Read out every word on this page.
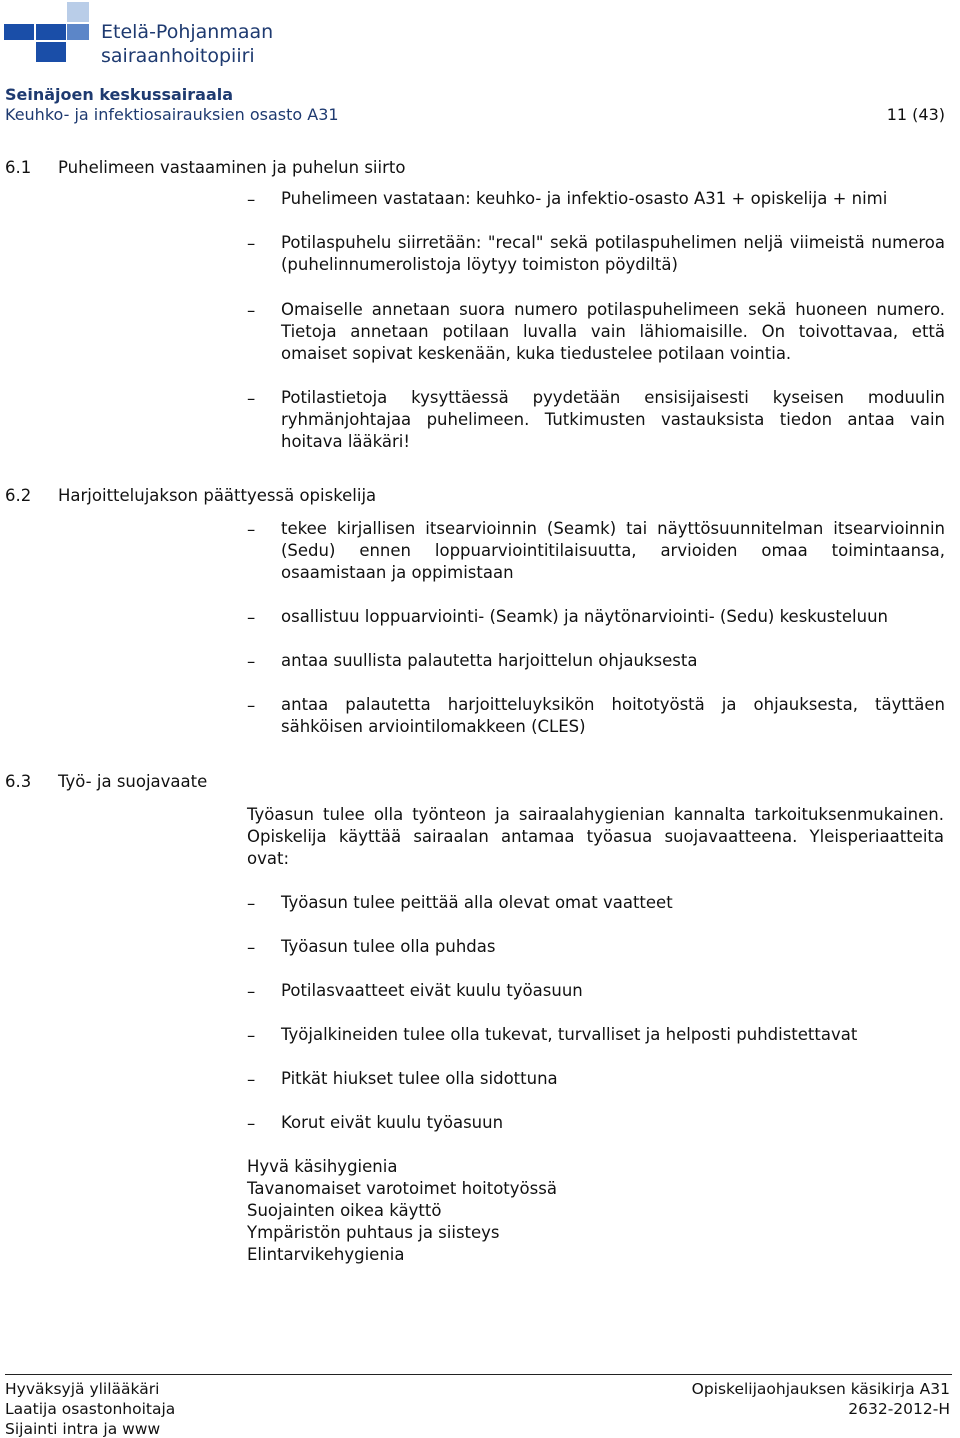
Etelä-Pohjanmaan
sairaanhoitopiiri
Seinäjoen keskussairaala
Keuhko- ja infektiosairauksien osasto A31	11 (43)
6.1 Puhelimeen vastaaminen ja puhelun siirto
– Puhelimeen vastataan: keuhko- ja infektio-osasto A31 + opiskelija + nimi
– Potilaspuhelu siirretään: "recal" sekä potilaspuhelimen neljä viimeistä numeroa (puhelinnumerolistoja löytyy toimiston pöydiltä)
– Omaiselle annetaan suora numero potilaspuhelimeen sekä huoneen numero. Tietoja annetaan potilaan luvalla vain lähiomaisille. On toivottavaa, että omaiset sopivat keskenään, kuka tiedustelee potilaan vointia.
– Potilastietoja kysyttäessä pyydetään ensisijaisesti kyseisen moduulin ryhmänjohtajaa puhelimeen. Tutkimusten vastauksista tiedon antaa vain hoitava lääkäri!
6.2 Harjoittelujakson päättyessä opiskelija
– tekee kirjallisen itsearvioinnin (Seamk) tai näyttösuunnitelman itsearvioinnin (Sedu) ennen loppuarviointitilaisuutta, arvioiden omaa toimintaansa, osaamistaan ja oppimistaan
– osallistuu loppuarviointi- (Seamk) ja näytönarviointi- (Sedu) keskusteluun
– antaa suullista palautetta harjoittelun ohjauksesta
– antaa palautetta harjoitteluyksikön hoitotyöstä ja ohjauksesta, täyttäen sähköisen arviointilomakkeen (CLES)
6.3 Työ- ja suojavaate
Työasun tulee olla työnteon ja sairaalahygienian kannalta tarkoituksenmukainen. Opiskelija käyttää sairaalan antamaa työasua suojavaatteena. Yleisperiaatteita ovat:
– Työasun tulee peittää alla olevat omat vaatteet
– Työasun tulee olla puhdas
– Potilasvaatteet eivät kuulu työasuun
– Työjalkineiden tulee olla tukevat, turvalliset ja helposti puhdistettavat
– Pitkät hiukset tulee olla sidottuna
– Korut eivät kuulu työasuun
Hyvä käsihygienia
Tavanomaiset varotoimet hoitotyössä
Suojainten oikea käyttö
Ympäristön puhtaus ja siisteys
Elintarvikehygienia
Hyväksyjä ylilääkäri
Laatija osastonhoitaja
Sijainti intra ja www
Opiskelijaohjauksen käsikirja A31
2632-2012-H
